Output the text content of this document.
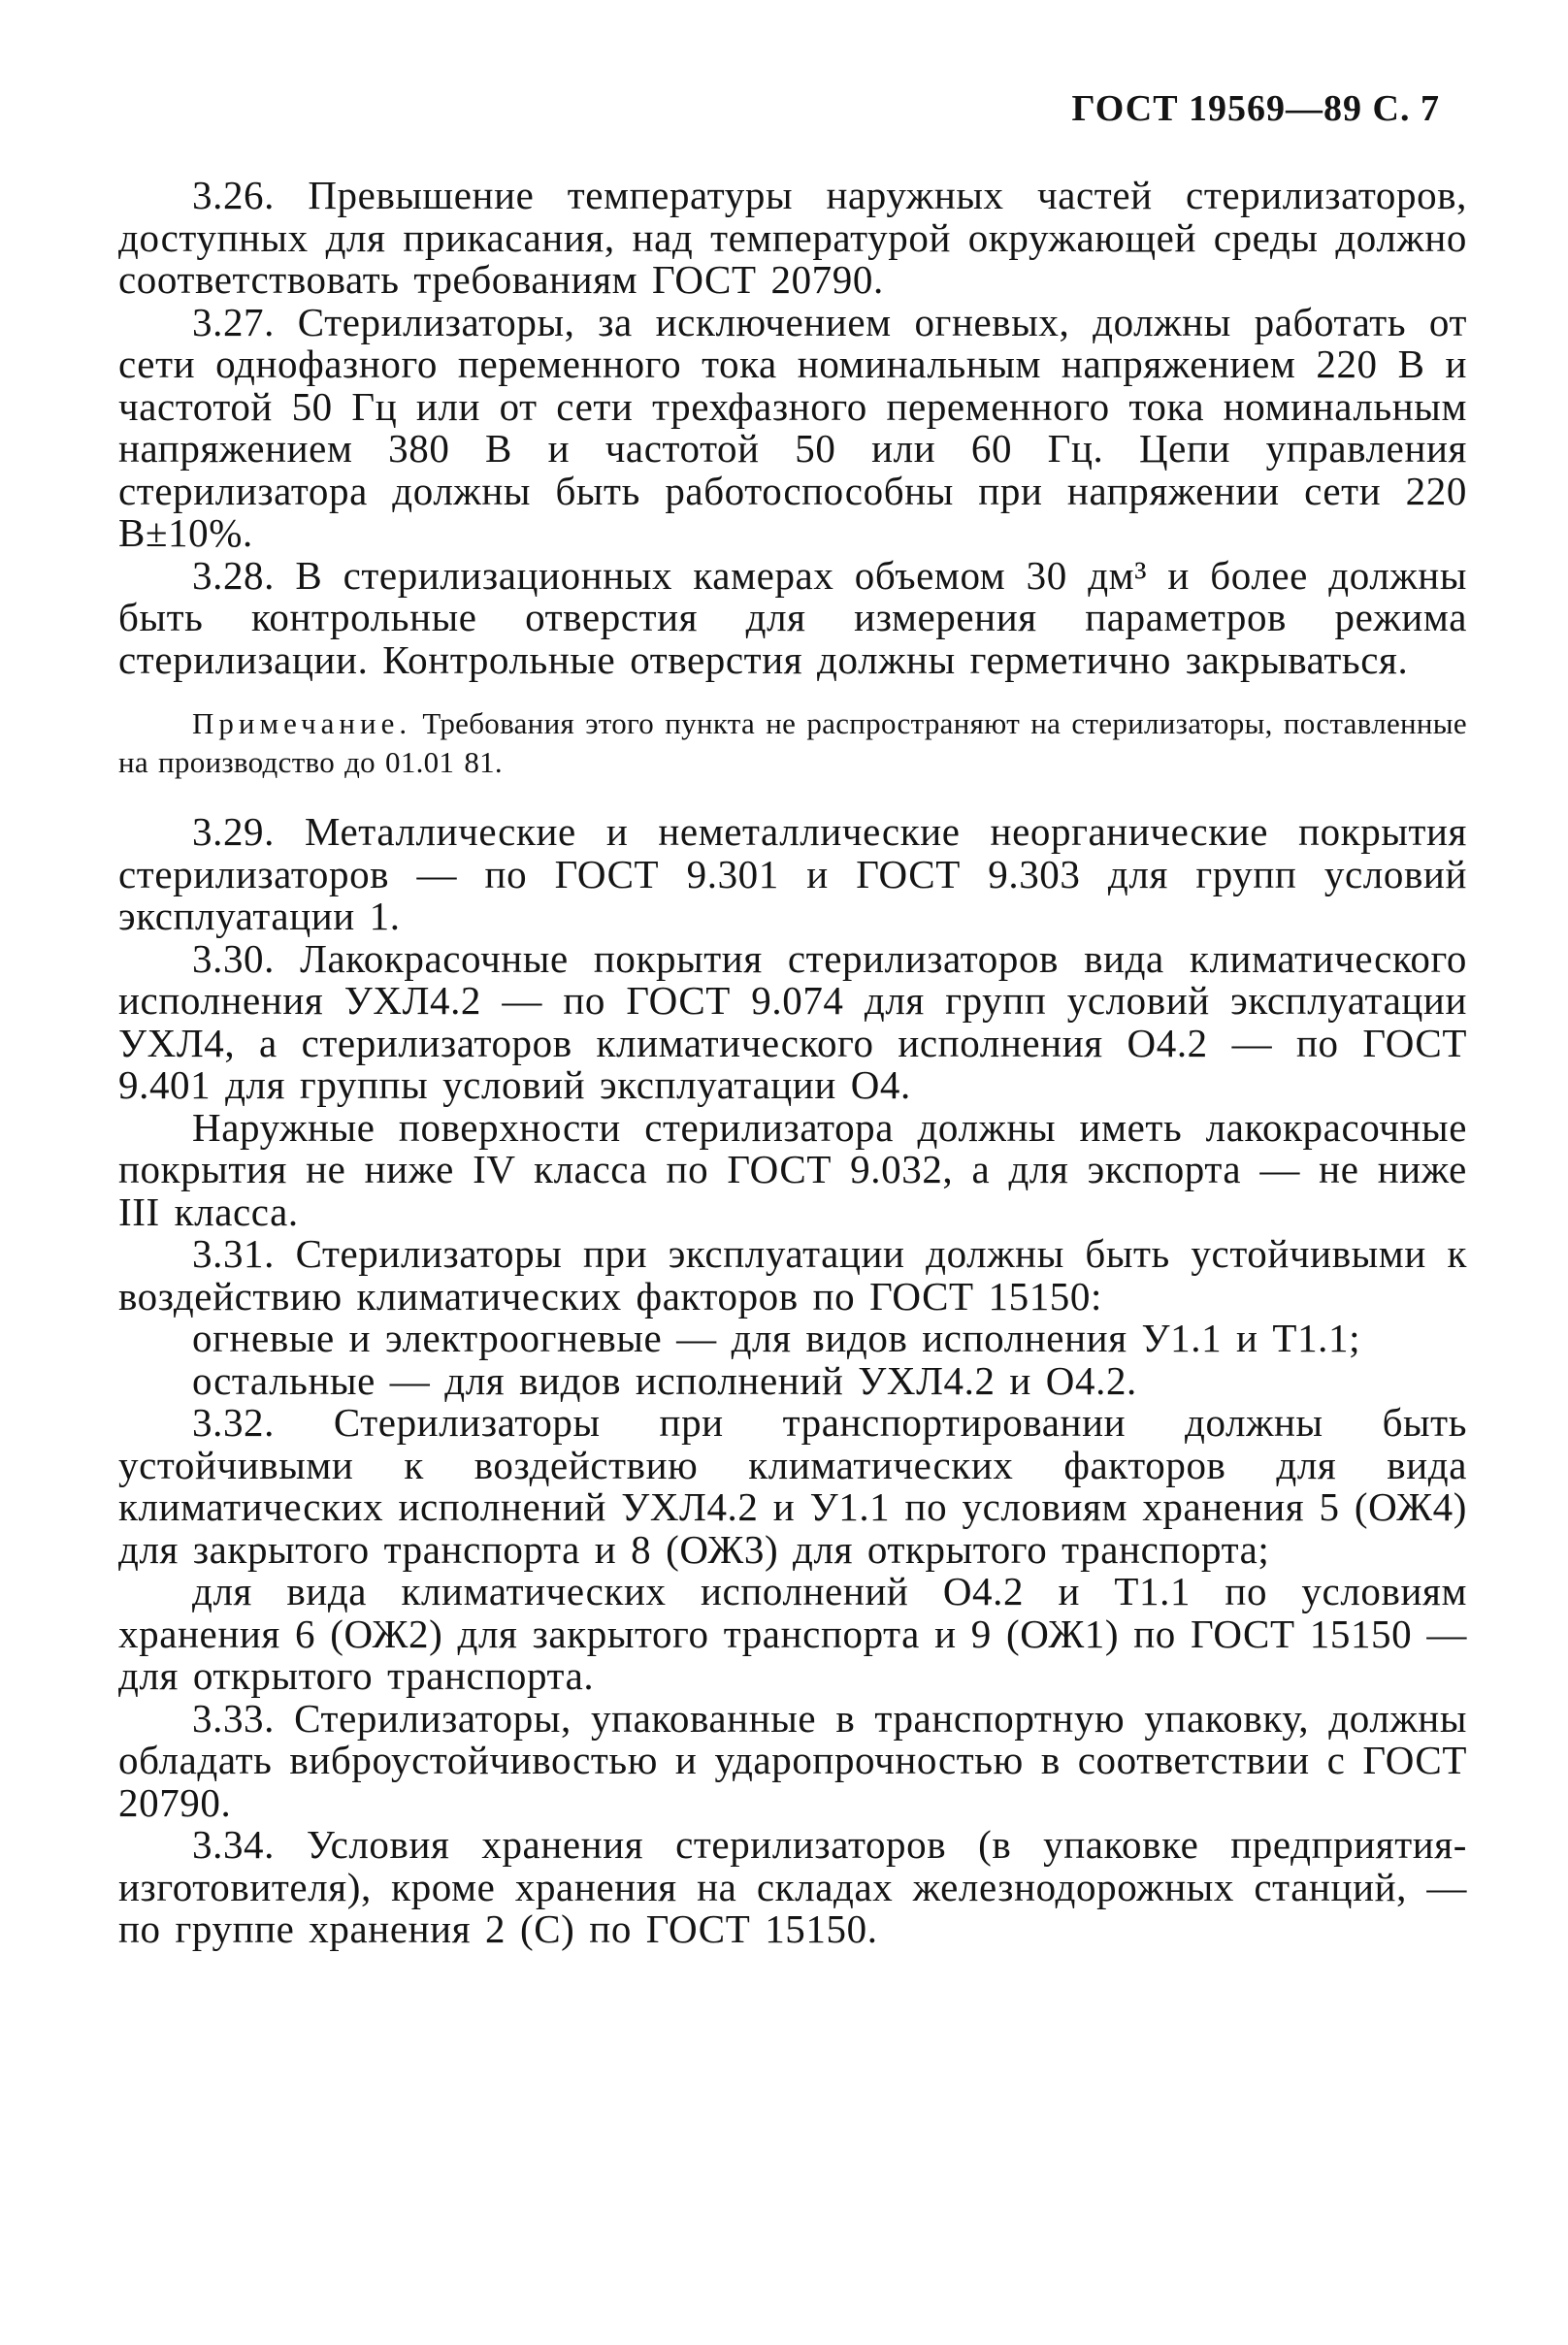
ГОСТ 19569—89 С. 7

3.26. Превышение температуры наружных частей стерилизаторов, доступных для прикасания, над температурой окружающей среды должно соответствовать требованиям ГОСТ 20790.

3.27. Стерилизаторы, за исключением огневых, должны работать от сети однофазного переменного тока номинальным напряжением 220 В и частотой 50 Гц или от сети трехфазного переменного тока номинальным напряжением 380 В и частотой 50 или 60 Гц. Цепи управления стерилизатора должны быть работоспособны при напряжении сети 220 В±10%.

3.28. В стерилизационных камерах объемом 30 дм³ и более должны быть контрольные отверстия для измерения параметров режима стерилизации. Контрольные отверстия должны герметично закрываться.

Примечание. Требования этого пункта не распространяют на стерилизаторы, поставленные на производство до 01.01 81.

3.29. Металлические и неметаллические неорганические покрытия стерилизаторов — по ГОСТ 9.301 и ГОСТ 9.303 для групп условий эксплуатации 1.

3.30. Лакокрасочные покрытия стерилизаторов вида климатического исполнения УХЛ4.2 — по ГОСТ 9.074 для групп условий эксплуатации УХЛ4, а стерилизаторов климатического исполнения О4.2 — по ГОСТ 9.401 для группы условий эксплуатации О4.

Наружные поверхности стерилизатора должны иметь лакокрасочные покрытия не ниже IV класса по ГОСТ 9.032, а для экспорта — не ниже III класса.

3.31. Стерилизаторы при эксплуатации должны быть устойчивыми к воздействию климатических факторов по ГОСТ 15150:

огневые и электроогневые — для видов исполнения У1.1 и Т1.1;

остальные — для видов исполнений УХЛ4.2 и О4.2.

3.32. Стерилизаторы при транспортировании должны быть устойчивыми к воздействию климатических факторов для вида климатических исполнений УХЛ4.2 и У1.1 по условиям хранения 5 (ОЖ4) для закрытого транспорта и 8 (ОЖ3) для открытого транспорта;

для вида климатических исполнений О4.2 и Т1.1 по условиям хранения 6 (ОЖ2) для закрытого транспорта и 9 (ОЖ1) по ГОСТ 15150 — для открытого транспорта.

3.33. Стерилизаторы, упакованные в транспортную упаковку, должны обладать виброустойчивостью и ударопрочностью в соответствии с ГОСТ 20790.

3.34. Условия хранения стерилизаторов (в упаковке предприятия-изготовителя), кроме хранения на складах железнодорожных станций, — по группе хранения 2 (С) по ГОСТ 15150.
